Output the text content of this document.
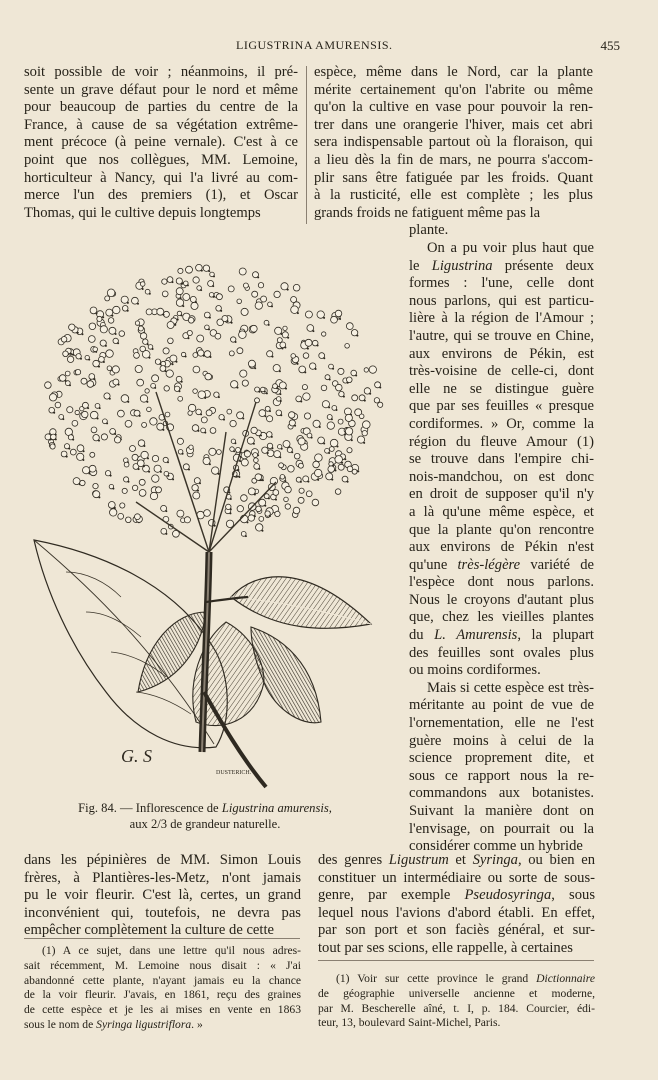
LIGUSTRINA AMURENSIS.	455
soit possible de voir ; néanmoins, il pré-
sente un grave défaut pour le nord et même
pour beaucoup de parties du centre de la
France, à cause de sa végétation extrême-
ment précoce (à peine vernale). C'est à ce
point que nos collègues, MM. Lemoine,
horticulteur à Nancy, qui l'a livré au com-
merce l'un des premiers (1), et Oscar
Thomas, qui le cultive depuis longtemps
espèce, même dans le Nord, car la plante
mérite certainement qu'on l'abrite ou même
qu'on la cultive en vase pour pouvoir la ren-
trer dans une orangerie l'hiver, mais cet abri
sera indispensable partout où la floraison, qui
a lieu dès la fin de mars, ne pourra s'accom-
plir sans être fatiguée par les froids. Quant
à la rusticité, elle est complète ; les plus
grands froids ne fatiguent même pas la
plante.
On a pu voir plus haut que
le Ligustrina présente deux
formes : l'une, celle dont
nous parlons, qui est particu-
lière à la région de l'Amour ;
l'autre, qui se trouve en Chine,
aux environs de Pékin, est
très-voisine de celle-ci, dont
elle ne se distingue guère
que par ses feuilles « presque
cordiformes. » Or, comme la
région du fleuve Amour (1)
se trouve dans l'empire chi-
nois-mandchou, on est donc
en droit de supposer qu'il n'y
a là qu'une même espèce, et
que la plante qu'on rencontre
aux environs de Pékin n'est
qu'une très-légère variété de
l'espèce dont nous parlons.
Nous le croyons d'autant plus
que, chez les vieilles plantes
du L. Amurensis, la plupart
des feuilles sont ovales plus
ou moins cordiformes.
Mais si cette espèce est très-
méritante au point de vue de
l'ornementation, elle ne l'est
guère moins à celui de la
science proprement dite, et
sous ce rapport nous la re-
commandons aux botanistes.
Suivant la manière dont on
l'envisage, on pourrait ou la
considérer comme un hybride
G. S
DUSTERICH.
Fig. 84. — Inflorescence de Ligustrina amurensis,
aux 2/3 de grandeur naturelle.
dans les pépinières de MM. Simon Louis
frères, à Plantières-les-Metz, n'ont jamais
pu le voir fleurir. C'est là, certes, un grand
inconvénient qui, toutefois, ne devra pas
empêcher complètement la culture de cette
des genres Ligustrum et Syringa, ou bien en
constituer un intermédiaire ou sorte de sous-
genre, par exemple Pseudosyringa, sous
lequel nous l'avions d'abord établi. En effet,
par son port et son faciès général, et sur-
tout par ses scions, elle rappelle, à certaines
(1) A ce sujet, dans une lettre qu'il nous adres-
sait récemment, M. Lemoine nous disait : « J'ai
abandonné cette plante, n'ayant jamais eu la chance
de la voir fleurir. J'avais, en 1861, reçu des graines
de cette espèce et je les ai mises en vente en 1863
sous le nom de Syringa ligustriflora. »
(1) Voir sur cette province le grand Dictionnaire
de géographie universelle ancienne et moderne,
par M. Bescherelle aîné, t. I, p. 184. Courcier, édi-
teur, 13, boulevard Saint-Michel, Paris.
